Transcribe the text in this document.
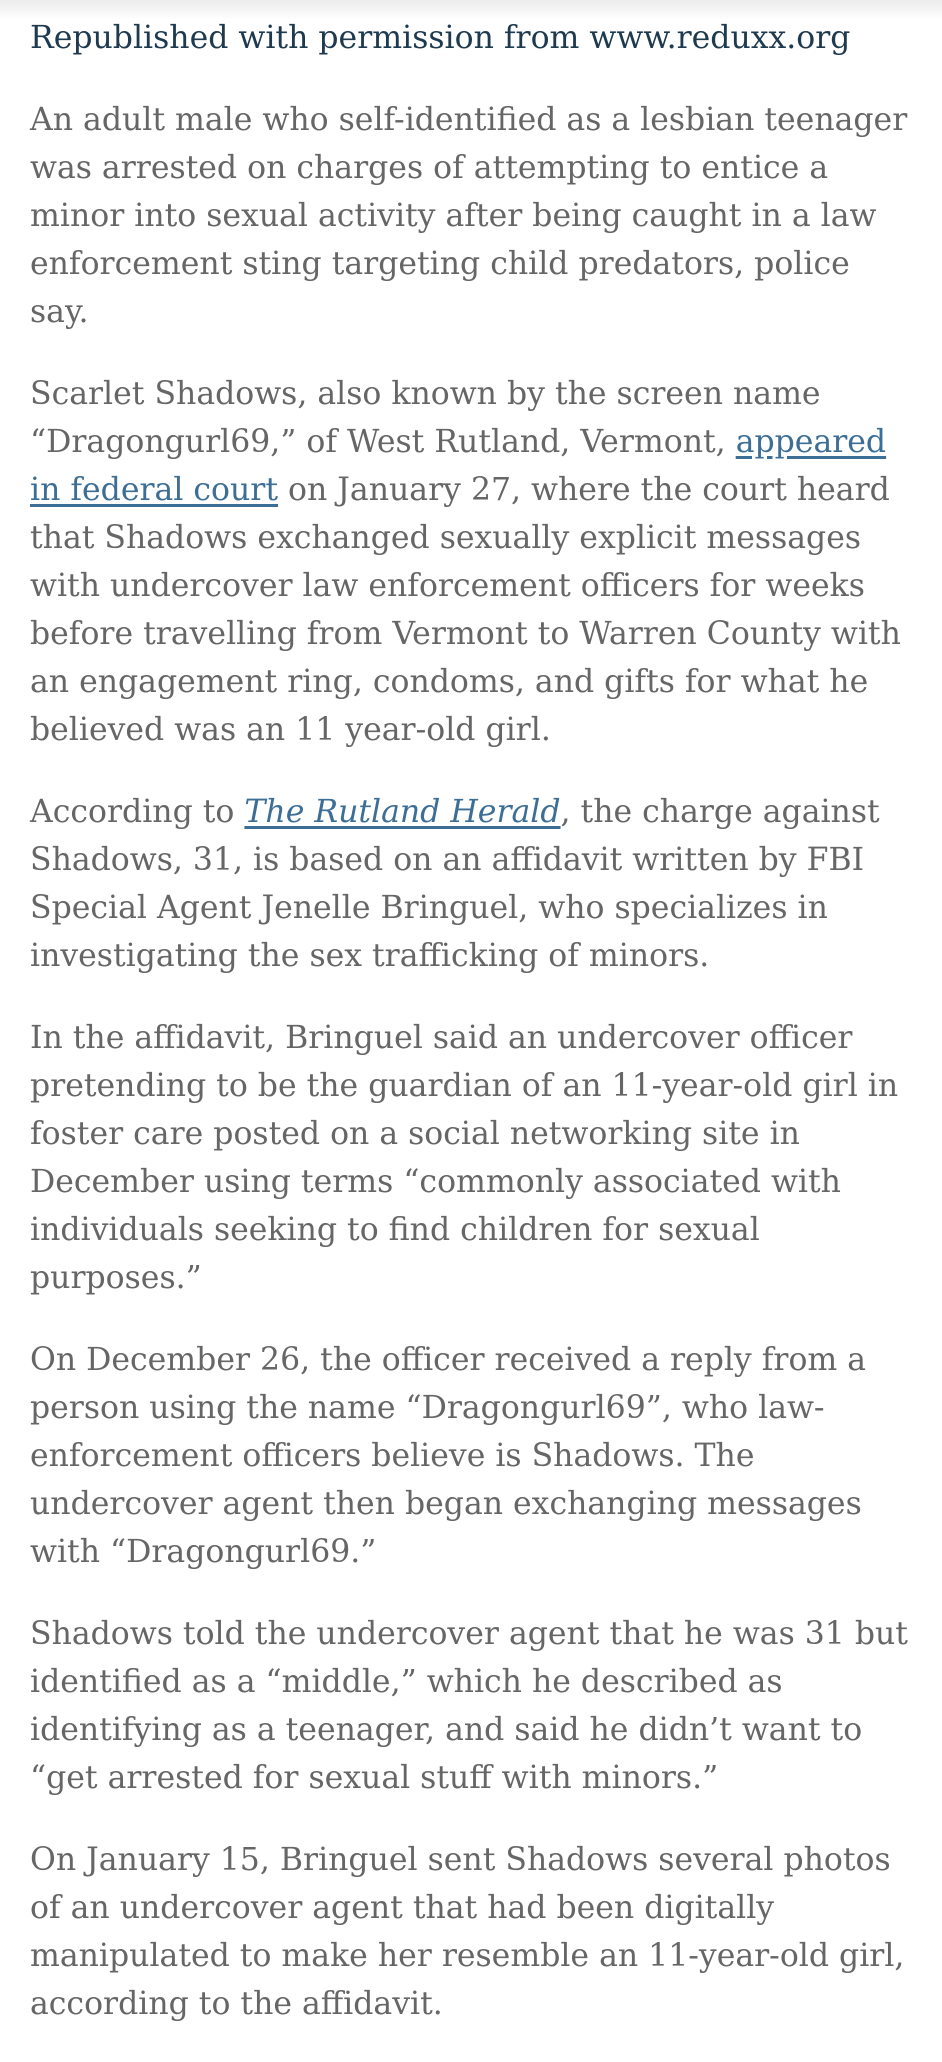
Republished with permission from www.reduxx.org

An adult male who self-identified as a lesbian teenager was arrested on charges of attempting to entice a minor into sexual activity after being caught in a law enforcement sting targeting child predators, police say.

Scarlet Shadows, also known by the screen name “Dragongurl69,” of West Rutland, Vermont, appeared in federal court on January 27, where the court heard that Shadows exchanged sexually explicit messages with undercover law enforcement officers for weeks before travelling from Vermont to Warren County with an engagement ring, condoms, and gifts for what he believed was an 11 year-old girl.

According to The Rutland Herald, the charge against Shadows, 31, is based on an affidavit written by FBI Special Agent Jenelle Bringuel, who specializes in investigating the sex trafficking of minors.

In the affidavit, Bringuel said an undercover officer pretending to be the guardian of an 11-year-old girl in foster care posted on a social networking site in December using terms “commonly associated with individuals seeking to find children for sexual purposes.”

On December 26, the officer received a reply from a person using the name “Dragongurl69”, who law-enforcement officers believe is Shadows. The undercover agent then began exchanging messages with “Dragongurl69.”

Shadows told the undercover agent that he was 31 but identified as a “middle,” which he described as identifying as a teenager, and said he didn’t want to “get arrested for sexual stuff with minors.”

On January 15, Bringuel sent Shadows several photos of an undercover agent that had been digitally manipulated to make her resemble an 11-year-old girl, according to the affidavit.
